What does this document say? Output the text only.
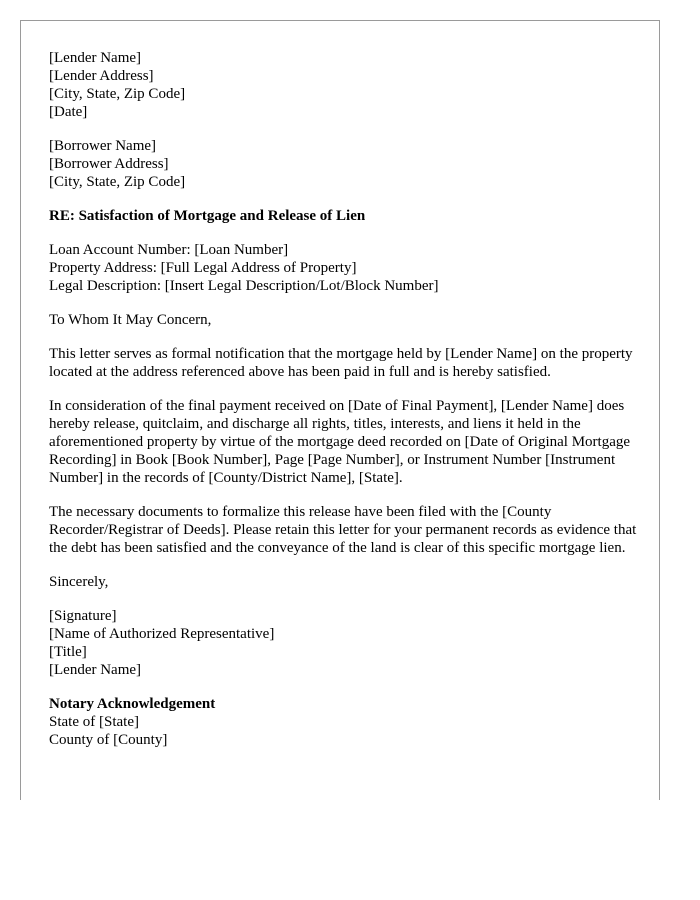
[Lender Name]
[Lender Address]
[City, State, Zip Code]
[Date]
[Borrower Name]
[Borrower Address]
[City, State, Zip Code]
RE: Satisfaction of Mortgage and Release of Lien
Loan Account Number: [Loan Number]
Property Address: [Full Legal Address of Property]
Legal Description: [Insert Legal Description/Lot/Block Number]
To Whom It May Concern,

This letter serves as formal notification that the mortgage held by [Lender Name] on the property located at the address referenced above has been paid in full and is hereby satisfied.

In consideration of the final payment received on [Date of Final Payment], [Lender Name] does hereby release, quitclaim, and discharge all rights, titles, interests, and liens it held in the aforementioned property by virtue of the mortgage deed recorded on [Date of Original Mortgage Recording] in Book [Book Number], Page [Page Number], or Instrument Number [Instrument Number] in the records of [County/District Name], [State].

The necessary documents to formalize this release have been filed with the [County Recorder/Registrar of Deeds]. Please retain this letter for your permanent records as evidence that the debt has been satisfied and the conveyance of the land is clear of this specific mortgage lien.

Sincerely,
[Signature]
[Name of Authorized Representative]
[Title]
[Lender Name]
Notary Acknowledgement
State of [State]
County of [County]
